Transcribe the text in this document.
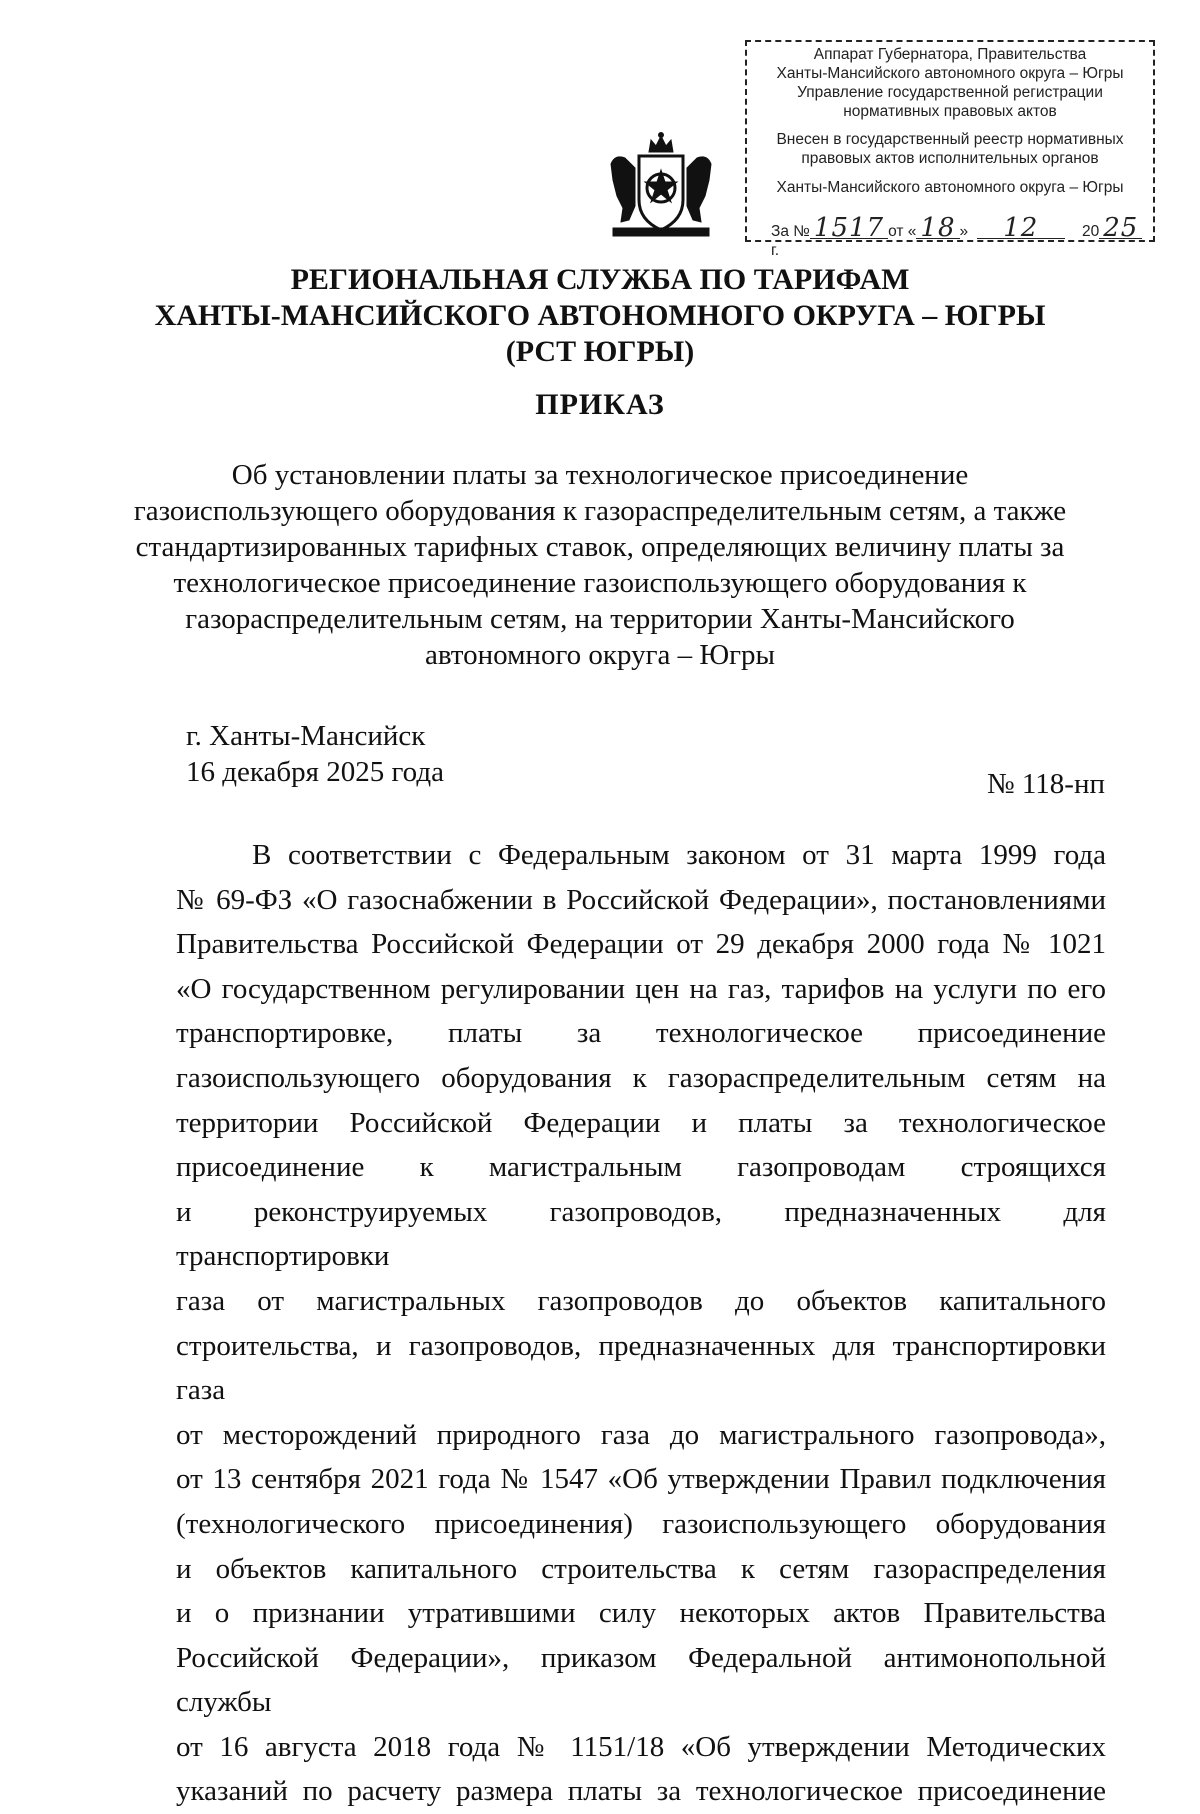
Аппарат Губернатора, Правительства
Ханты-Мансийского автономного округа – Югры
Управление государственной регистрации
нормативных правовых актов
Внесен в государственный реестр нормативных
правовых актов исполнительных органов
Ханты-Мансийского автономного округа – Югры
За № 1517 от « 18 » 12	20 25г.
РЕГИОНАЛЬНАЯ СЛУЖБА ПО ТАРИФАМ
ХАНТЫ-МАНСИЙСКОГО АВТОНОМНОГО ОКРУГА – ЮГРЫ
(РСТ ЮГРЫ)
ПРИКАЗ
Об установлении платы за технологическое присоединение
газоиспользующего оборудования к газораспределительным сетям, а также
стандартизированных тарифных ставок, определяющих величину платы за
технологическое присоединение газоиспользующего оборудования к
газораспределительным сетям, на территории Ханты-Мансийского
автономного округа – Югры
г. Ханты-Мансийск
16 декабря 2025 года	№ 118-нп
В соответствии с Федеральным законом от 31 марта 1999 года
№ 69-ФЗ «О газоснабжении в Российской Федерации», постановлениями
Правительства Российской Федерации от 29 декабря 2000 года № 1021
«О государственном регулировании цен на газ, тарифов на услуги по его
транспортировке, платы за технологическое присоединение
газоиспользующего оборудования к газораспределительным сетям на
территории Российской Федерации и платы за технологическое
присоединение к магистральным газопроводам строящихся
и реконструируемых газопроводов, предназначенных для транспортировки
газа от магистральных газопроводов до объектов капитального
строительства, и газопроводов, предназначенных для транспортировки газа
от месторождений природного газа до магистрального газопровода»,
от 13 сентября 2021 года № 1547 «Об утверждении Правил подключения
(технологического присоединения) газоиспользующего оборудования
и объектов капитального строительства к сетям газораспределения
и о признании утратившими силу некоторых актов Правительства
Российской Федерации», приказом Федеральной антимонопольной службы
от 16 августа 2018 года № 1151/18 «Об утверждении Методических
указаний по расчету размера платы за технологическое присоединение
